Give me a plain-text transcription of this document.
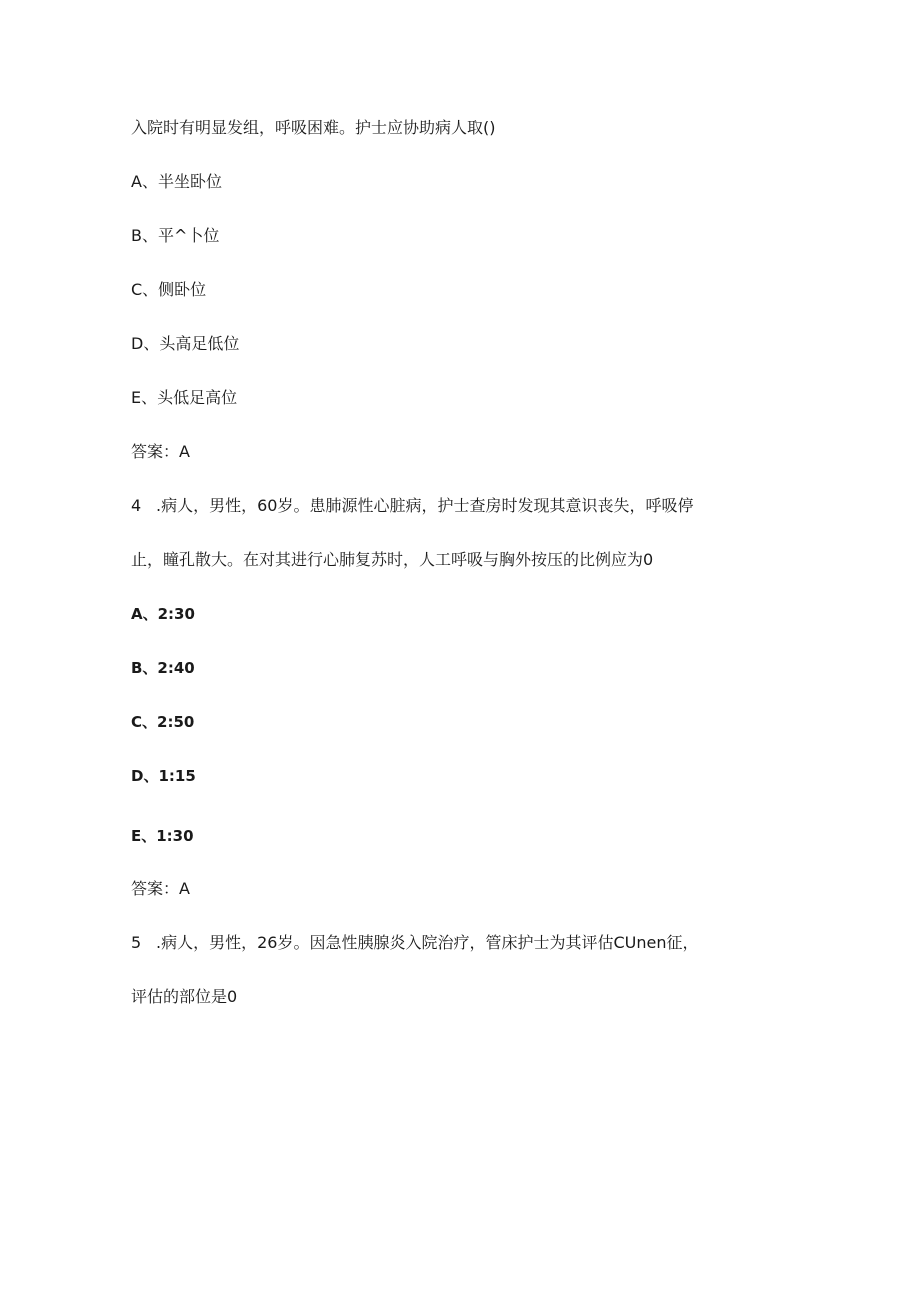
入院时有明显发组，呼吸困难。护士应协助病人取()
A、半坐卧位
B、平^卜位
C、侧卧位
D、头高足低位
E、头低足高位
答案：A
4 .病人，男性，60岁。患肺源性心脏病，护士查房时发现其意识丧失，呼吸停
止，瞳孔散大。在对其进行心肺复苏时，人工呼吸与胸外按压的比例应为0
A、2:30
B、2:40
C、2:50
D、1:15
E、1:30
答案：A
5 .病人，男性，26岁。因急性胰腺炎入院治疗，管床护士为其评估CUnen征，
评估的部位是0
